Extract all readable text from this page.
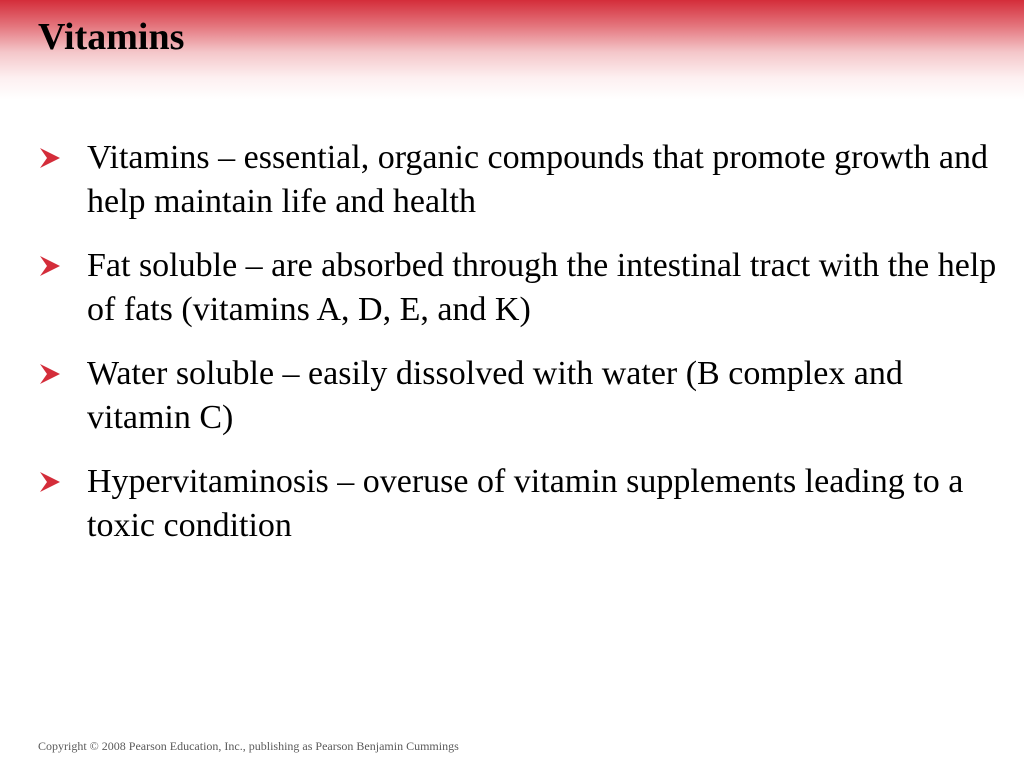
Vitamins
Vitamins – essential, organic compounds that promote growth and help maintain life and health
Fat soluble – are absorbed through the intestinal tract with the help of fats (vitamins A, D, E, and K)
Water soluble – easily dissolved with water (B complex and vitamin C)
Hypervitaminosis – overuse of vitamin supplements leading to a toxic condition
Copyright © 2008 Pearson Education, Inc., publishing as Pearson Benjamin Cummings
